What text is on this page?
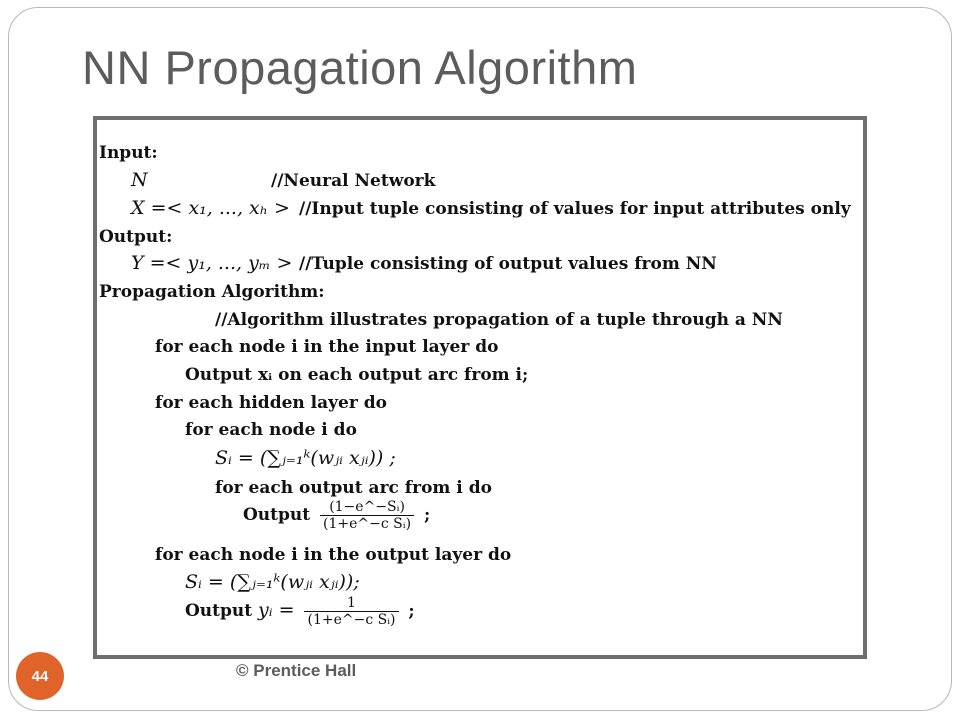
NN Propagation Algorithm

Input:

N	//Neural Network

X =< x₁, ..., xₕ > //Input tuple consisting of values for input attributes only

Output:

Y =< y₁, ..., yₘ > //Tuple consisting of output values from NN

Propagation Algorithm:

//Algorithm illustrates propagation of a tuple through a NN

for each node i in the input layer do

Output xᵢ on each output arc from i;

for each hidden layer do

for each node i do

Sᵢ = (∑ⱼ₌₁ᵏ(wⱼᵢ xⱼᵢ)) ;

for each output arc from i do

Output $\frac{\text{(1−e\textasciicircum{}−Sᵢ)}}{\text{(1+e\textasciicircum{}−c Sᵢ)}}$ ;

for each node i in the output layer do

Sᵢ = (∑ⱼ₌₁ᵏ(wⱼᵢ xⱼᵢ));

Output yᵢ = $\frac{1}{\text{(1+e\textasciicircum{}−c Sᵢ)}}$ ;

© Prentice Hall

44
